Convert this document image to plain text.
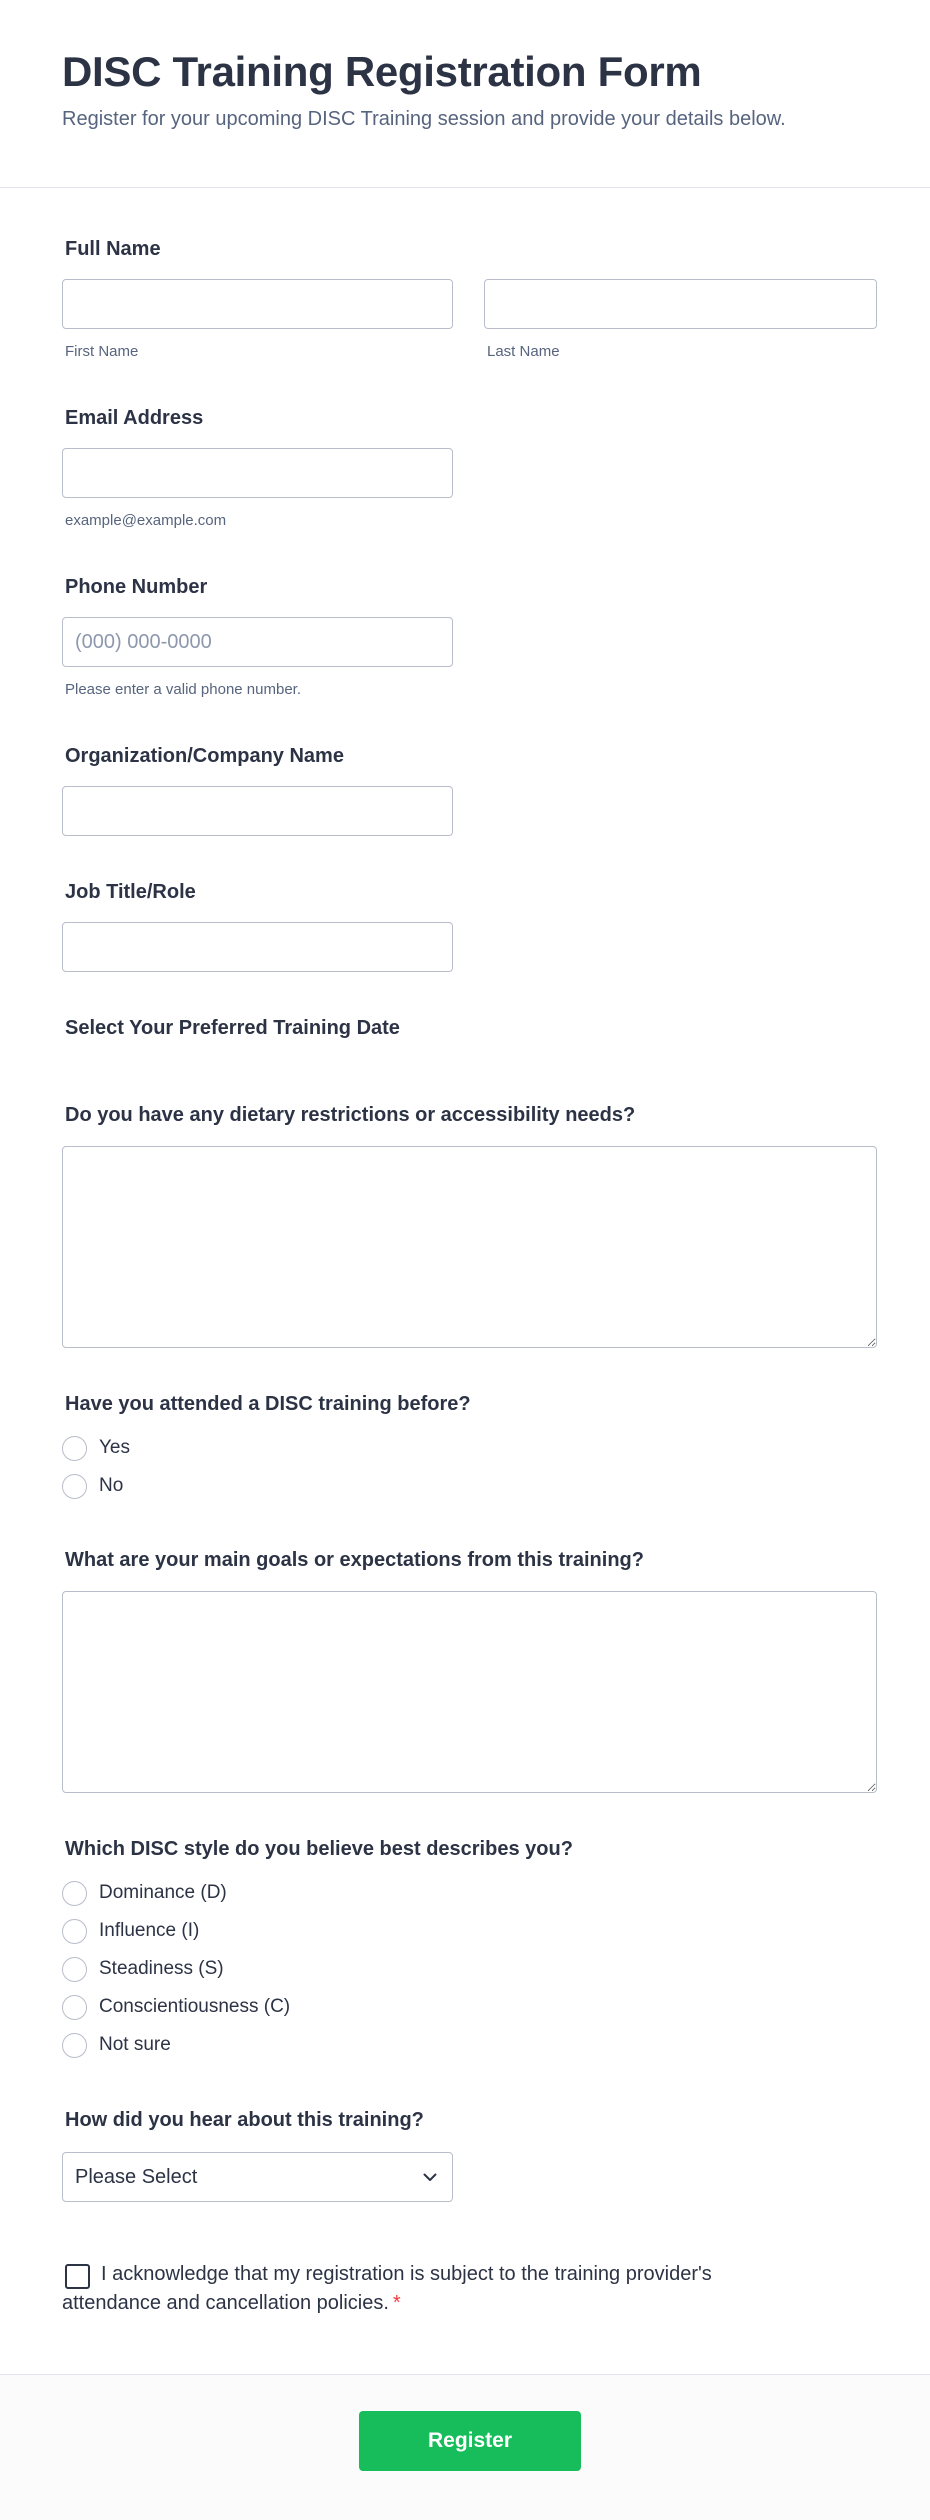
DISC Training Registration Form

Register for your upcoming DISC Training session and provide your details below.

Full Name
First Name	Last Name
Email Address
example@example.com
Phone Number
(000) 000-0000
Please enter a valid phone number.
Organization/Company Name
Job Title/Role
Select Your Preferred Training Date
Do you have any dietary restrictions or accessibility needs?
Have you attended a DISC training before?
Yes
No
What are your main goals or expectations from this training?
Which DISC style do you believe best describes you?
Dominance (D)
Influence (I)
Steadiness (S)
Conscientiousness (C)
Not sure
How did you hear about this training?
Please Select
I acknowledge that my registration is subject to the training provider's
attendance and cancellation policies. *
Register
